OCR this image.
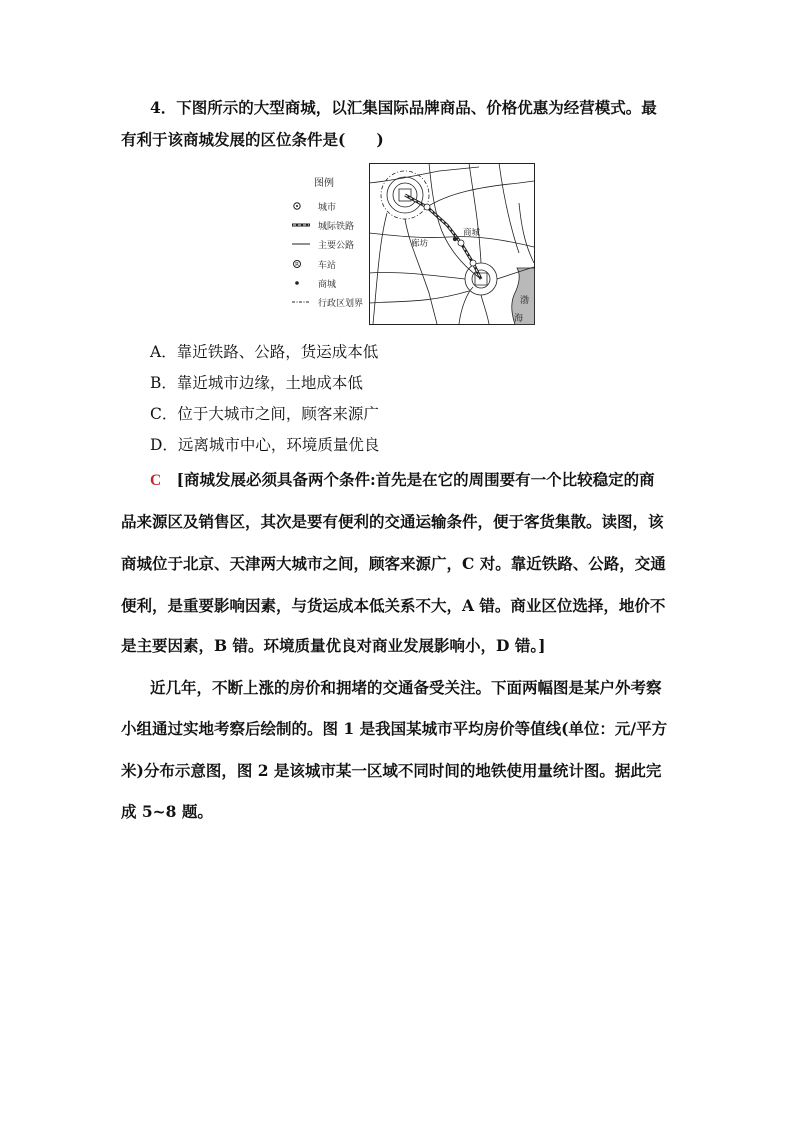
4．下图所示的大型商城，以汇集国际品牌商品、价格优惠为经营模式。最
有利于该商城发展的区位条件是(　　)
图例
城市
城际铁路
主要公路
R 车站
商城
行政区划界
商城
廊坊
渤
海
A．靠近铁路、公路，货运成本低
B．靠近城市边缘，土地成本低
C．位于大城市之间，顾客来源广
D．远离城市中心，环境质量优良
C [商城发展必须具备两个条件:首先是在它的周围要有一个比较稳定的商
品来源区及销售区，其次是要有便利的交通运输条件，便于客货集散。读图，该
商城位于北京、天津两大城市之间，顾客来源广，C 对。靠近铁路、公路，交通
便利，是重要影响因素，与货运成本低关系不大，A 错。商业区位选择，地价不
是主要因素，B 错。环境质量优良对商业发展影响小，D 错。]
近几年，不断上涨的房价和拥堵的交通备受关注。下面两幅图是某户外考察
小组通过实地考察后绘制的。图 1 是我国某城市平均房价等值线(单位：元/平方
米)分布示意图，图 2 是该城市某一区域不同时间的地铁使用量统计图。据此完
成 5~8 题。
